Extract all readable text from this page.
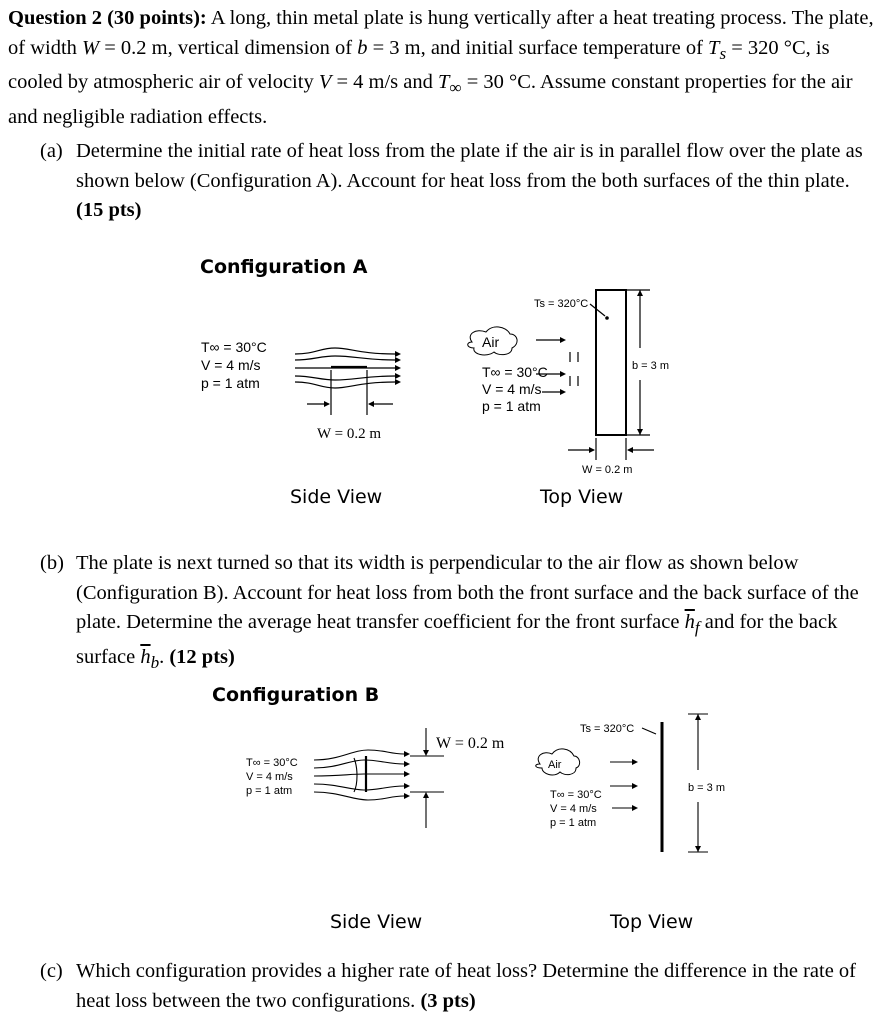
Question 2 (30 points): A long, thin metal plate is hung vertically after a heat treating process. The plate, of width W = 0.2 m, vertical dimension of b = 3 m, and initial surface temperature of $T_s = 320$ °C, is cooled by atmospheric air of velocity V = 4 m/s and $T_\infty = 30$ °C. Assume constant properties for the air and negligible radiation effects.

(a) Determine the initial rate of heat loss from the plate if the air is in parallel flow over the plate as shown below (Configuration A). Account for heat loss from the both surfaces of the thin plate. (15 pts)

Configuration A

T∞ = 30°C
V = 4 m/s
p = 1 atm
W = 0.2 m
Air
Ts = 320°C
b = 3 m
T∞ = 30°C
V = 4 m/s
p = 1 atm
W = 0.2 m

Side View	Top View

(b) The plate is next turned so that its width is perpendicular to the air flow as shown below (Configuration B). Account for heat loss from both the front surface and the back surface of the plate. Determine the average heat transfer coefficient for the front surface $\overline{h}_f$ and for the back surface $\overline{h}_b$. (12 pts)

Configuration B

T∞ = 30°C
V = 4 m/s
p = 1 atm
W = 0.2 m
Air
Ts = 320°C
b = 3 m
T∞ = 30°C
V = 4 m/s
p = 1 atm

Side View	Top View

(c) Which configuration provides a higher rate of heat loss? Determine the difference in the rate of heat loss between the two configurations. (3 pts)
